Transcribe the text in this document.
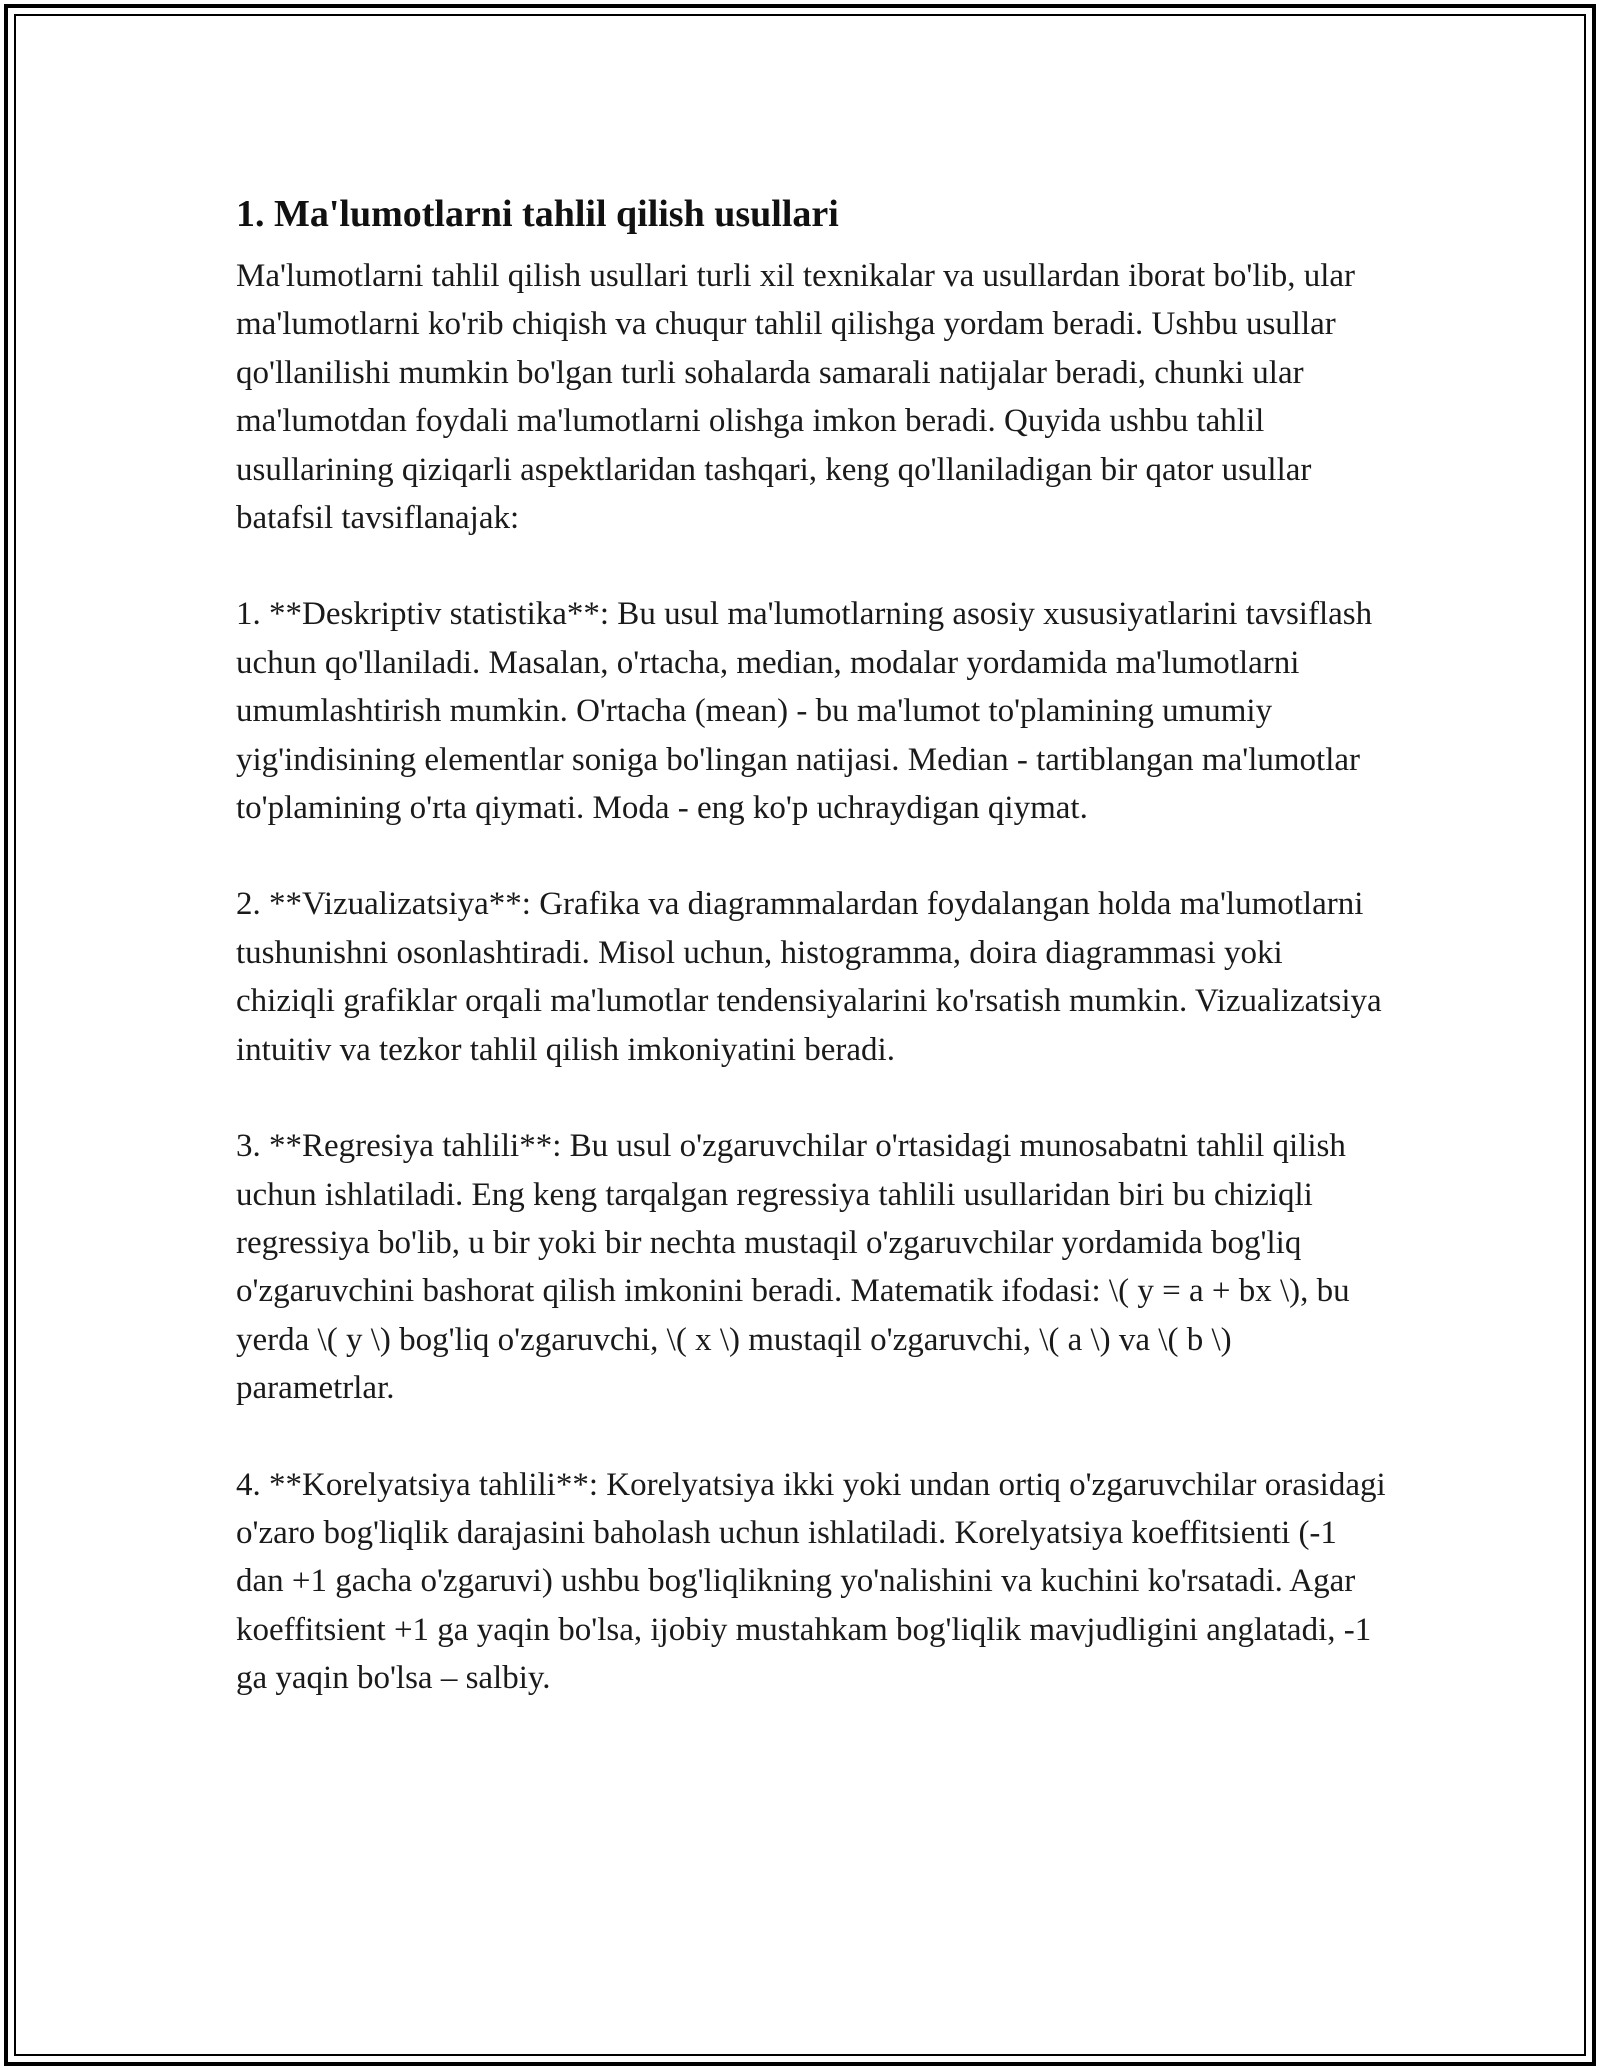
1. Ma'lumotlarni tahlil qilish usullari

Ma'lumotlarni tahlil qilish usullari turli xil texnikalar va usullardan iborat bo'lib, ular ma'lumotlarni ko'rib chiqish va chuqur tahlil qilishga yordam beradi. Ushbu usullar qo'llanilishi mumkin bo'lgan turli sohalarda samarali natijalar beradi, chunki ular ma'lumotdan foydali ma'lumotlarni olishga imkon beradi. Quyida ushbu tahlil usullarining qiziqarli aspektlaridan tashqari, keng qo'llaniladigan bir qator usullar batafsil tavsiflanajak:

1. **Deskriptiv statistika**: Bu usul ma'lumotlarning asosiy xususiyatlarini tavsiflash uchun qo'llaniladi. Masalan, o'rtacha, median, modalar yordamida ma'lumotlarni umumlashtirish mumkin. O'rtacha (mean) - bu ma'lumot to'plamining umumiy yig'indisining elementlar soniga bo'lingan natijasi. Median - tartiblangan ma'lumotlar to'plamining o'rta qiymati. Moda - eng ko'p uchraydigan qiymat.

2. **Vizualizatsiya**: Grafika va diagrammalardan foydalangan holda ma'lumotlarni tushunishni osonlashtiradi. Misol uchun, histogramma, doira diagrammasi yoki chiziqli grafiklar orqali ma'lumotlar tendensiyalarini ko'rsatish mumkin. Vizualizatsiya intuitiv va tezkor tahlil qilish imkoniyatini beradi.

3. **Regresiya tahlili**: Bu usul o'zgaruvchilar o'rtasidagi munosabatni tahlil qilish uchun ishlatiladi. Eng keng tarqalgan regressiya tahlili usullaridan biri bu chiziqli regressiya bo'lib, u bir yoki bir nechta mustaqil o'zgaruvchilar yordamida bog'liq o'zgaruvchini bashorat qilish imkonini beradi. Matematik ifodasi: \( y = a + bx \), bu yerda \( y \) bog'liq o'zgaruvchi, \( x \) mustaqil o'zgaruvchi, \( a \) va \( b \) parametrlar.

4. **Korelyatsiya tahlili**: Korelyatsiya ikki yoki undan ortiq o'zgaruvchilar orasidagi o'zaro bog'liqlik darajasini baholash uchun ishlatiladi. Korelyatsiya koeffitsienti (-1 dan +1 gacha o'zgaruvi) ushbu bog'liqlikning yo'nalishini va kuchini ko'rsatadi. Agar koeffitsient +1 ga yaqin bo'lsa, ijobiy mustahkam bog'liqlik mavjudligini anglatadi, -1 ga yaqin bo'lsa – salbiy.
